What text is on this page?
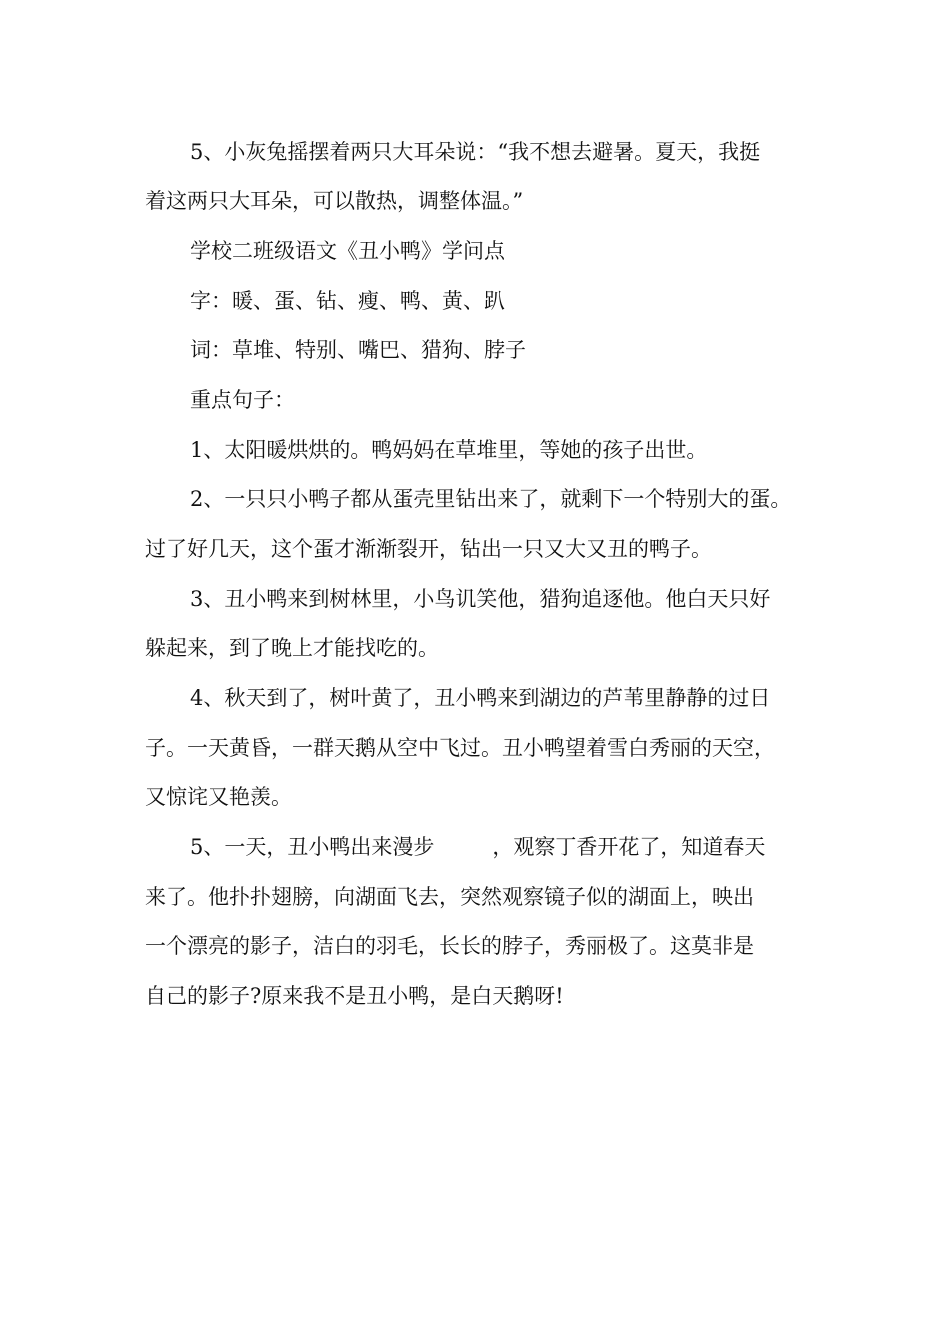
5、小灰兔摇摆着两只大耳朵说：“我不想去避暑。夏天，我挺
着这两只大耳朵，可以散热，调整体温。”
学校二班级语文《丑小鸭》学问点
字：暖、蛋、钻、瘦、鸭、黄、趴
词：草堆、特别、嘴巴、猎狗、脖子
重点句子：
1、太阳暖烘烘的。鸭妈妈在草堆里，等她的孩子出世。
2、一只只小鸭子都从蛋壳里钻出来了，就剩下一个特别大的蛋。
过了好几天，这个蛋才渐渐裂开，钻出一只又大又丑的鸭子。
3、丑小鸭来到树林里，小鸟讥笑他，猎狗追逐他。他白天只好
躲起来，到了晚上才能找吃的。
4、秋天到了，树叶黄了，丑小鸭来到湖边的芦苇里静静的过日
子。一天黄昏，一群天鹅从空中飞过。丑小鸭望着雪白秀丽的天空，
又惊诧又艳羡。
5、一天，丑小鸭出来漫步	，观察丁香开花了，知道春天
来了。他扑扑翅膀，向湖面飞去，突然观察镜子似的湖面上，映出
一个漂亮的影子，洁白的羽毛，长长的脖子，秀丽极了。这莫非是
自己的影子?原来我不是丑小鸭，是白天鹅呀!
